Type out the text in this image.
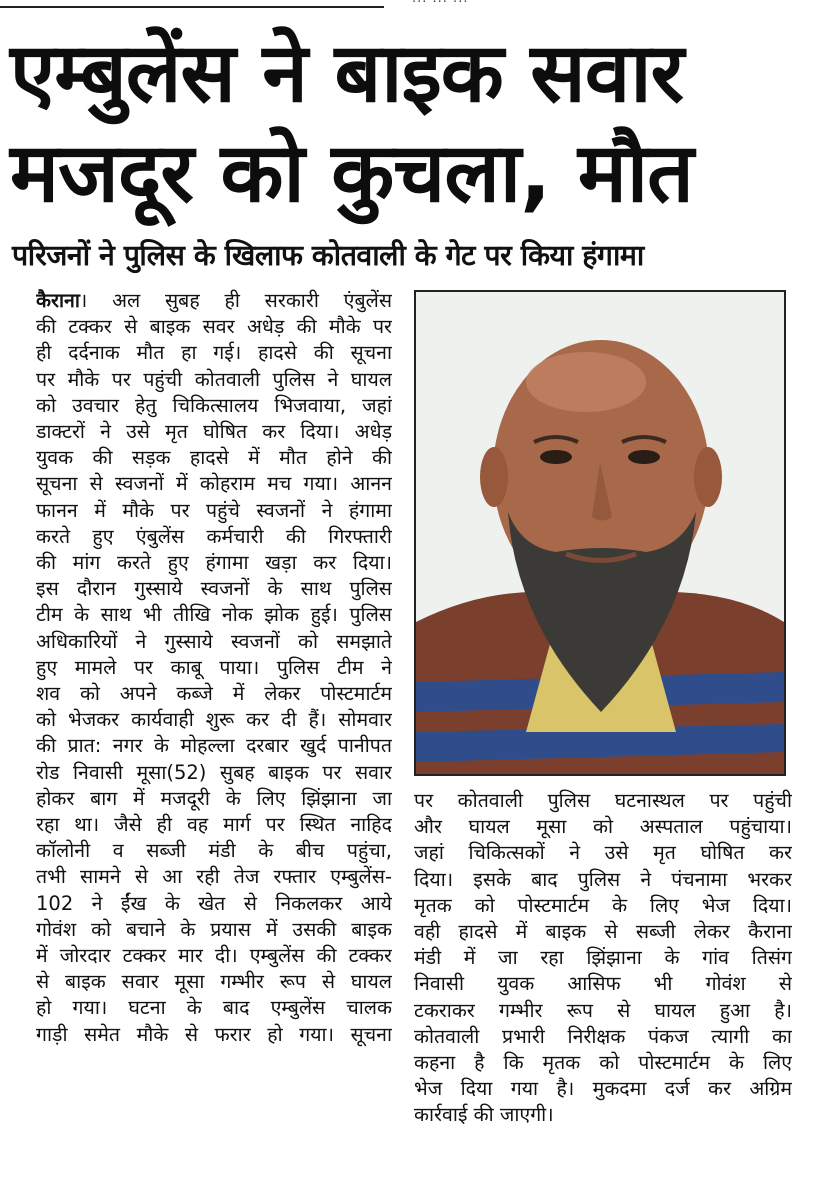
एम्बुलेंस ने बाइक सवार
मजदूर को कुचला, मौत
परिजनों ने पुलिस के खिलाफ कोतवाली के गेट पर किया हंगामा
कैराना। अल सुबह ही सरकारी एंबुलेंस
की टक्कर से बाइक सवर अधेड़ की मौके पर
ही दर्दनाक मौत हा गई। हादसे की सूचना
पर मौके पर पहुंची कोतवाली पुलिस ने घायल
को उवचार हेतु चिकित्सालय भिजवाया, जहां
डाक्टरों ने उसे मृत घोषित कर दिया। अधेड़
युवक की सड़क हादसे में मौत होने की
सूचना से स्वजनों में कोहराम मच गया। आनन
फानन में मौके पर पहुंचे स्वजनों ने हंगामा
करते हुए एंबुलेंस कर्मचारी की गिरफ्तारी
की मांग करते हुए हंगामा खड़ा कर दिया।
इस दौरान गुस्साये स्वजनों के साथ पुलिस
टीम के साथ भी तीखि नोक झोक हुई। पुलिस
अधिकारियों ने गुस्साये स्वजनों को समझाते
हुए मामले पर काबू पाया। पुलिस टीम ने
शव को अपने कब्जे में लेकर पोस्टमार्टम
को भेजकर कार्यवाही शुरू कर दी हैं। सोमवार
की प्रात: नगर के मोहल्ला दरबार खुर्द पानीपत
रोड निवासी मूसा(52) सुबह बाइक पर सवार
होकर बाग में मजदूरी के लिए झिंझाना जा
रहा था। जैसे ही वह मार्ग पर स्थित नाहिद
कॉलोनी व सब्जी मंडी के बीच पहुंचा,
तभी सामने से आ रही तेज रफ्तार एम्बुलेंस-
102 ने ईंख के खेत से निकलकर आये
गोवंश को बचाने के प्रयास में उसकी बाइक
में जोरदार टक्कर मार दी। एम्बुलेंस की टक्कर
से बाइक सवार मूसा गम्भीर रूप से घायल
हो गया। घटना के बाद एम्बुलेंस चालक
गाड़ी समेत मौके से फरार हो गया। सूचना
पर कोतवाली पुलिस घटनास्थल पर पहुंची
और घायल मूसा को अस्पताल पहुंचाया।
जहां चिकित्सकों ने उसे मृत घोषित कर
दिया। इसके बाद पुलिस ने पंचनामा भरकर
मृतक को पोस्टमार्टम के लिए भेज दिया।
वही हादसे में बाइक से सब्जी लेकर कैराना
मंडी में जा रहा झिंझाना के गांव तिसंग
निवासी युवक आसिफ भी गोवंश से
टकराकर गम्भीर रूप से घायल हुआ है।
कोतवाली प्रभारी निरीक्षक पंकज त्यागी का
कहना है कि मृतक को पोस्टमार्टम के लिए
भेज दिया गया है। मुकदमा दर्ज कर अग्रिम
कार्रवाई की जाएगी।
